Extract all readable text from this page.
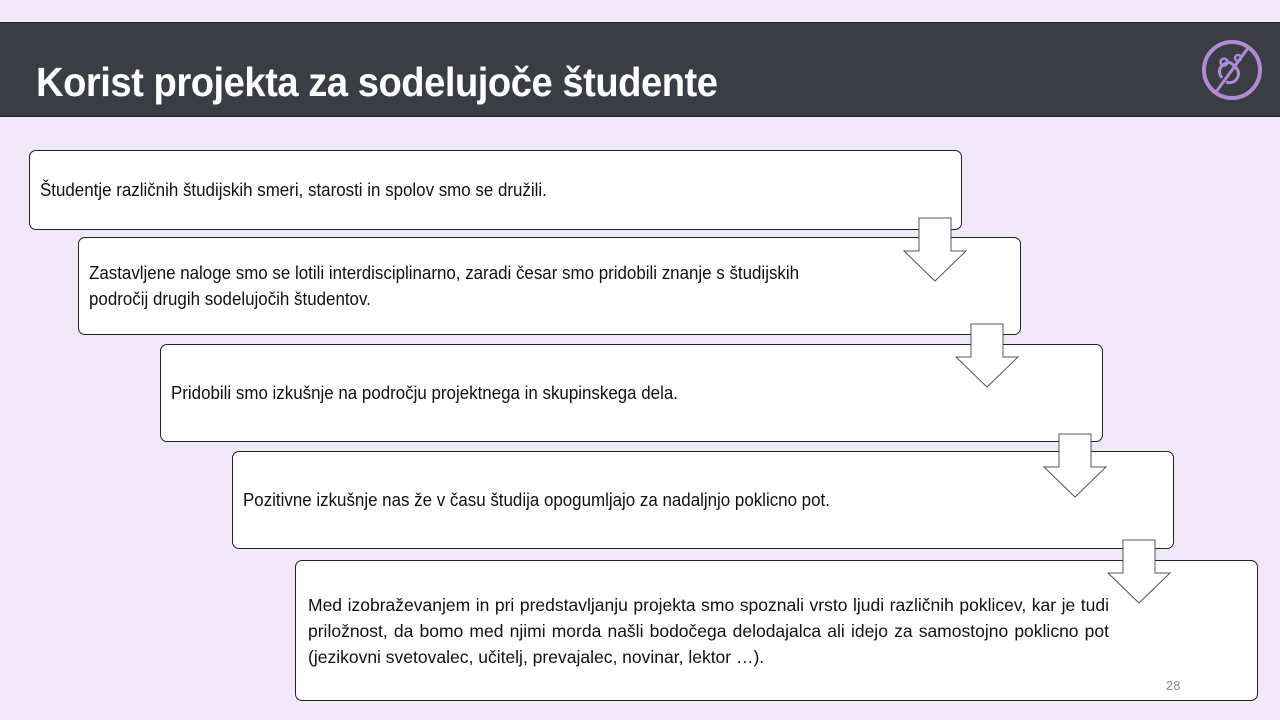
Korist projekta za sodelujoče študente
Študentje različnih študijskih smeri, starosti in spolov smo se družili.
Zastavljene naloge smo se lotili interdisciplinarno, zaradi česar smo pridobili znanje s študijskih področij drugih sodelujočih študentov.
Pridobili smo izkušnje na področju projektnega in skupinskega dela.
Pozitivne izkušnje nas že v času študija opogumljajo za nadaljnjo poklicno pot.
Med izobraževanjem in pri predstavljanju projekta smo spoznali vrsto ljudi različnih poklicev, kar je tudi priložnost, da bomo med njimi morda našli bodočega delodajalca ali idejo za samostojno poklicno pot (jezikovni svetovalec, učitelj, prevajalec, novinar, lektor …).
28
